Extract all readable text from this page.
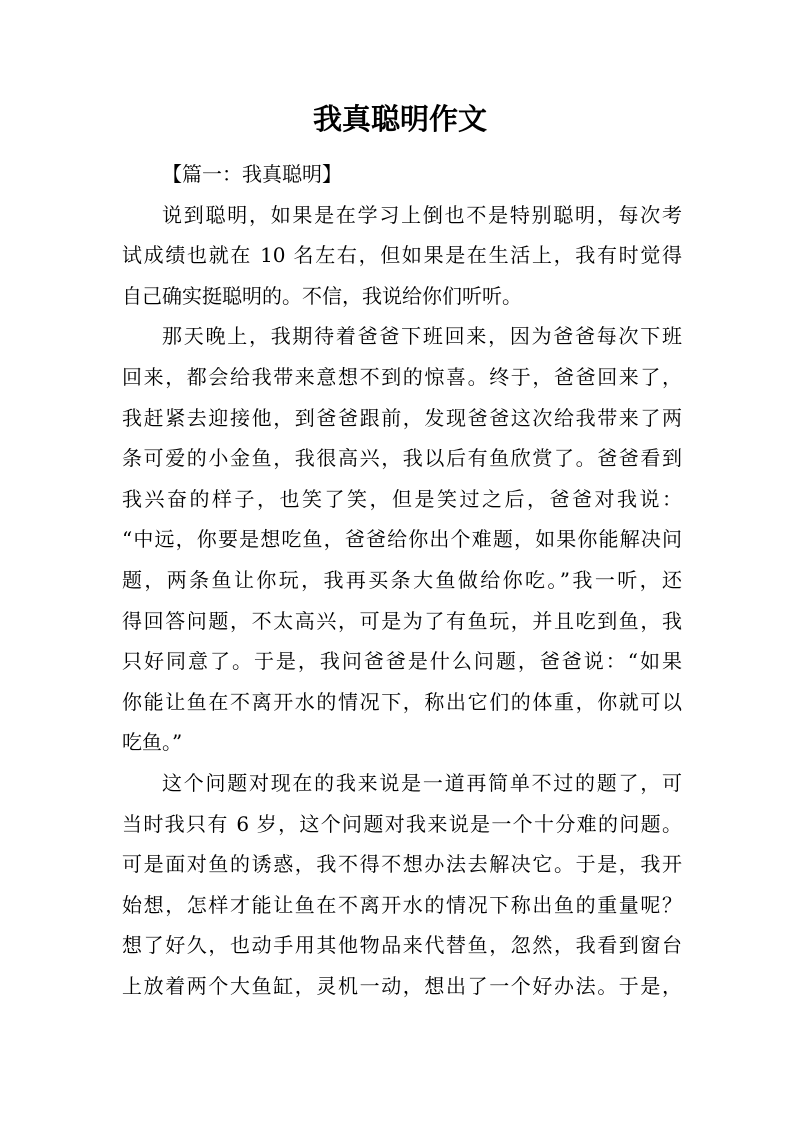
我真聪明作文

【篇一：我真聪明】

说到聪明，如果是在学习上倒也不是特别聪明，每次考
试成绩也就在 10 名左右，但如果是在生活上，我有时觉得
自己确实挺聪明的。不信，我说给你们听听。

那天晚上，我期待着爸爸下班回来，因为爸爸每次下班
回来，都会给我带来意想不到的惊喜。终于，爸爸回来了，
我赶紧去迎接他，到爸爸跟前，发现爸爸这次给我带来了两
条可爱的小金鱼，我很高兴，我以后有鱼欣赏了。爸爸看到
我兴奋的样子，也笑了笑，但是笑过之后，爸爸对我说：
“中远，你要是想吃鱼，爸爸给你出个难题，如果你能解决问
题，两条鱼让你玩，我再买条大鱼做给你吃。”我一听，还
得回答问题，不太高兴，可是为了有鱼玩，并且吃到鱼，我
只好同意了。于是，我问爸爸是什么问题，爸爸说：“如果
你能让鱼在不离开水的情况下，称出它们的体重，你就可以
吃鱼。”

这个问题对现在的我来说是一道再简单不过的题了，可
当时我只有 6 岁，这个问题对我来说是一个十分难的问题。
可是面对鱼的诱惑，我不得不想办法去解决它。于是，我开
始想，怎样才能让鱼在不离开水的情况下称出鱼的重量呢？
想了好久，也动手用其他物品来代替鱼，忽然，我看到窗台
上放着两个大鱼缸，灵机一动，想出了一个好办法。于是，
